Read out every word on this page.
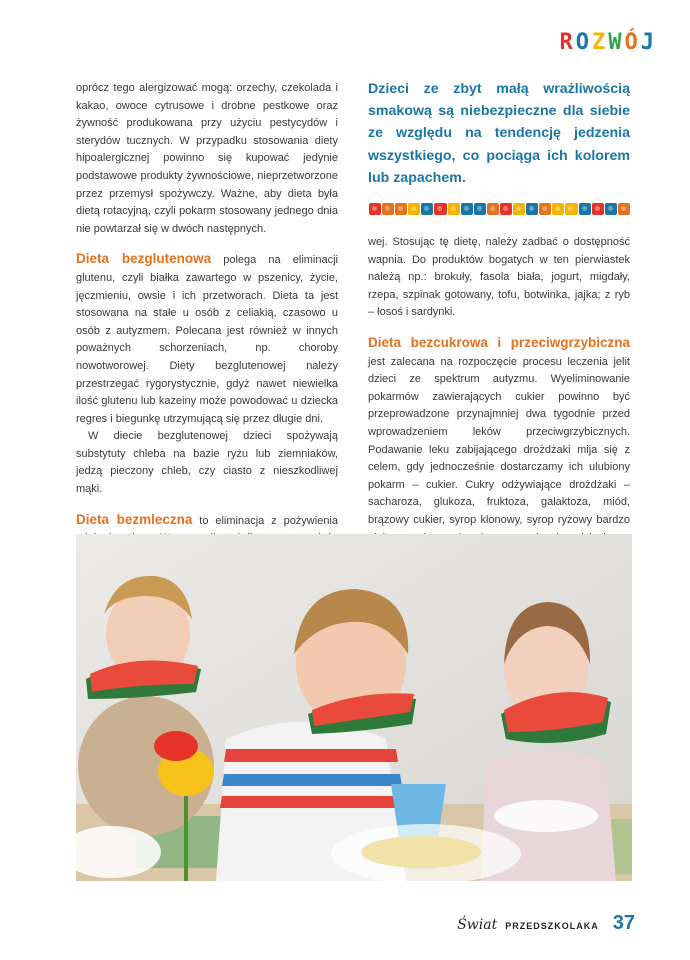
R O Z W Ó J

oprócz tego alergizować mogą: orzechy, czekolada i kakao, owoce cytrusowe i drobne pestkowe oraz żywność produkowana przy użyciu pestycydów i sterydów tucznych. W przypadku stosowania diety hipoalergicznej powinno się kupować jedynie podstawowe produkty żywnościowe, nieprzetworzone przez przemysł spożywczy. Ważne, aby dieta była dietą rotacyjną, czyli pokarm stosowany jednego dnia nie powtarzał się w dwóch następnych.

Dieta bezglutenowa polega na eliminacji glutenu, czyli białka zawartego w pszenicy, życie, jęczmieniu, owsie i ich przetworach. Dieta ta jest stosowana na stałe u osób z celiakią, czasowo u osób z autyzmem. Polecana jest również w innych poważnych schorzeniach, np. choroby nowotworowej. Diety bezglutenowej należy przestrzegać rygorystycznie, gdyż nawet niewielka ilość glutenu lub kazeiny może powodować u dziecka regres i biegunkę utrzymującą się przez długie dni.

W diecie bezglutenowej dzieci spożywają substytuty chleba na bazie ryżu lub ziemniaków, jedzą pieczony chleb, czy ciasto z nieszkodliwej mąki.

Dieta bezmleczna to eliminacja z pożywienia

Dzieci ze zbyt małą wrażliwością smakową są niebezpieczne dla siebie ze względu na tendencję jedzenia wszystkiego, co pociąga ich kolorem lub zapachem.

wej. Stosując tę dietę, należy zadbać o dostępność wapnia. Do produktów bogatych w ten pierwiastek należą np.: brokuły, fasola biała, jogurt, migdały, rzepa, szpinak gotowany, tofu, botwinka, jajka; z ryb – łosoś i sardynki.

Dieta bezcukrowa i przeciwgrzybiczna jest zalecana na rozpoczęcie procesu leczenia jelit dzieci ze spektrum autyzmu. Wyeliminowanie pokarmów zawierających cukier powinno być przeprowadzone przynajmniej dwa tygodnie przed wprowadzeniem leków przeciwgrzybicznych. Podawanie leku zabijającego drożdżaki mija się z celem, gdy jednocześnie dostarczamy ich ulubiony pokarm – cukier. Cukry odżywiające drożdżaki – sacharoza, glukoza, fruktoza, galaktoza, miód, brązowy cukier, syrop klonowy, syrop ryżowy bardzo

Świat PRZEDSZKOLAKA 37
